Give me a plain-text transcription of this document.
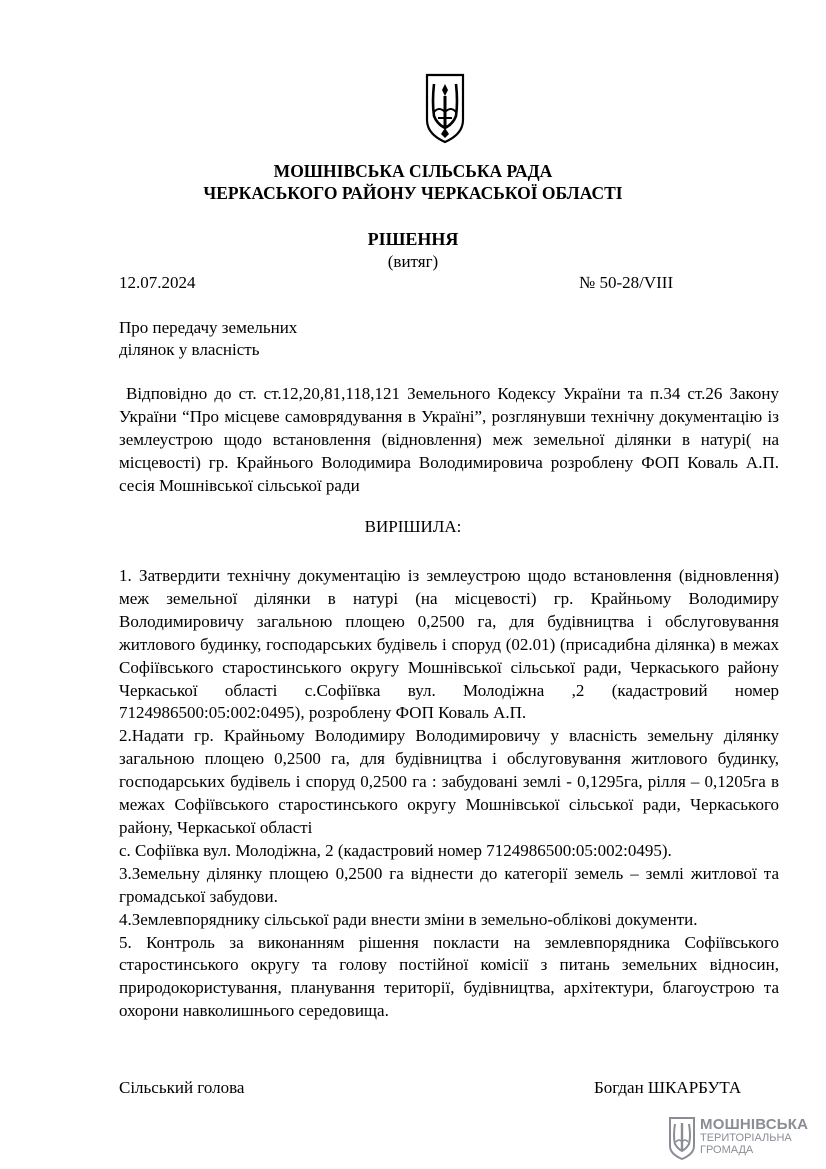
МОШНІВСЬКА СІЛЬСЬКА РАДА
ЧЕРКАСЬКОГО РАЙОНУ ЧЕРКАСЬКОЇ ОБЛАСТІ
РІШЕННЯ
(витяг)
12.07.2024	№ 50-28/VIII
Про передачу земельних
ділянок у власність
Відповідно до ст. ст.12,20,81,118,121 Земельного Кодексу України та п.34 ст.26 Закону України “Про місцеве самоврядування в Україні”, розглянувши технічну документацію із землеустрою щодо встановлення (відновлення) меж земельної ділянки в натурі( на місцевості) гр. Крайнього Володимира Володимировича розроблену ФОП Коваль А.П. сесія Мошнівської сільської ради
ВИРІШИЛА:

1. Затвердити технічну документацію із землеустрою щодо встановлення (відновлення) меж земельної ділянки в натурі (на місцевості) гр. Крайньому Володимиру Володимировичу загальною площею 0,2500 га, для будівництва і обслуговування житлового будинку, господарських будівель і споруд (02.01) (присадибна ділянка) в межах Софіївського старостинського округу Мошнівської сільської ради, Черкаського району Черкаської області с.Софіївка вул. Молодіжна ,2 (кадастровий номер 7124986500:05:002:0495), розроблену ФОП Коваль А.П.

2.Надати гр. Крайньому Володимиру Володимировичу у власність земельну ділянку загальною площею 0,2500 га, для будівництва і обслуговування житлового будинку, господарських будівель і споруд 0,2500 га : забудовані землі - 0,1295га, рілля – 0,1205га в межах Софіївського старостинського округу Мошнівської сільської ради, Черкаського району, Черкаської області

с. Софіївка вул. Молодіжна, 2 (кадастровий номер 7124986500:05:002:0495).

3.Земельну ділянку площею 0,2500 га віднести до категорії земель – землі житлової та громадської забудови.

4.Землевпоряднику сільської ради внести зміни в земельно-облікові документи.

5. Контроль за виконанням рішення покласти на землевпорядника Софіївського старостинського округу та голову постійної комісії з питань земельних відносин, природокористування, планування території, будівництва, архітектури, благоустрою та охорони навколишнього середовища.

Сільський голова	Богдан ШКАРБУТА
МОШНІВСЬКА
ТЕРИТОРІАЛЬНА
ГРОМАДА
